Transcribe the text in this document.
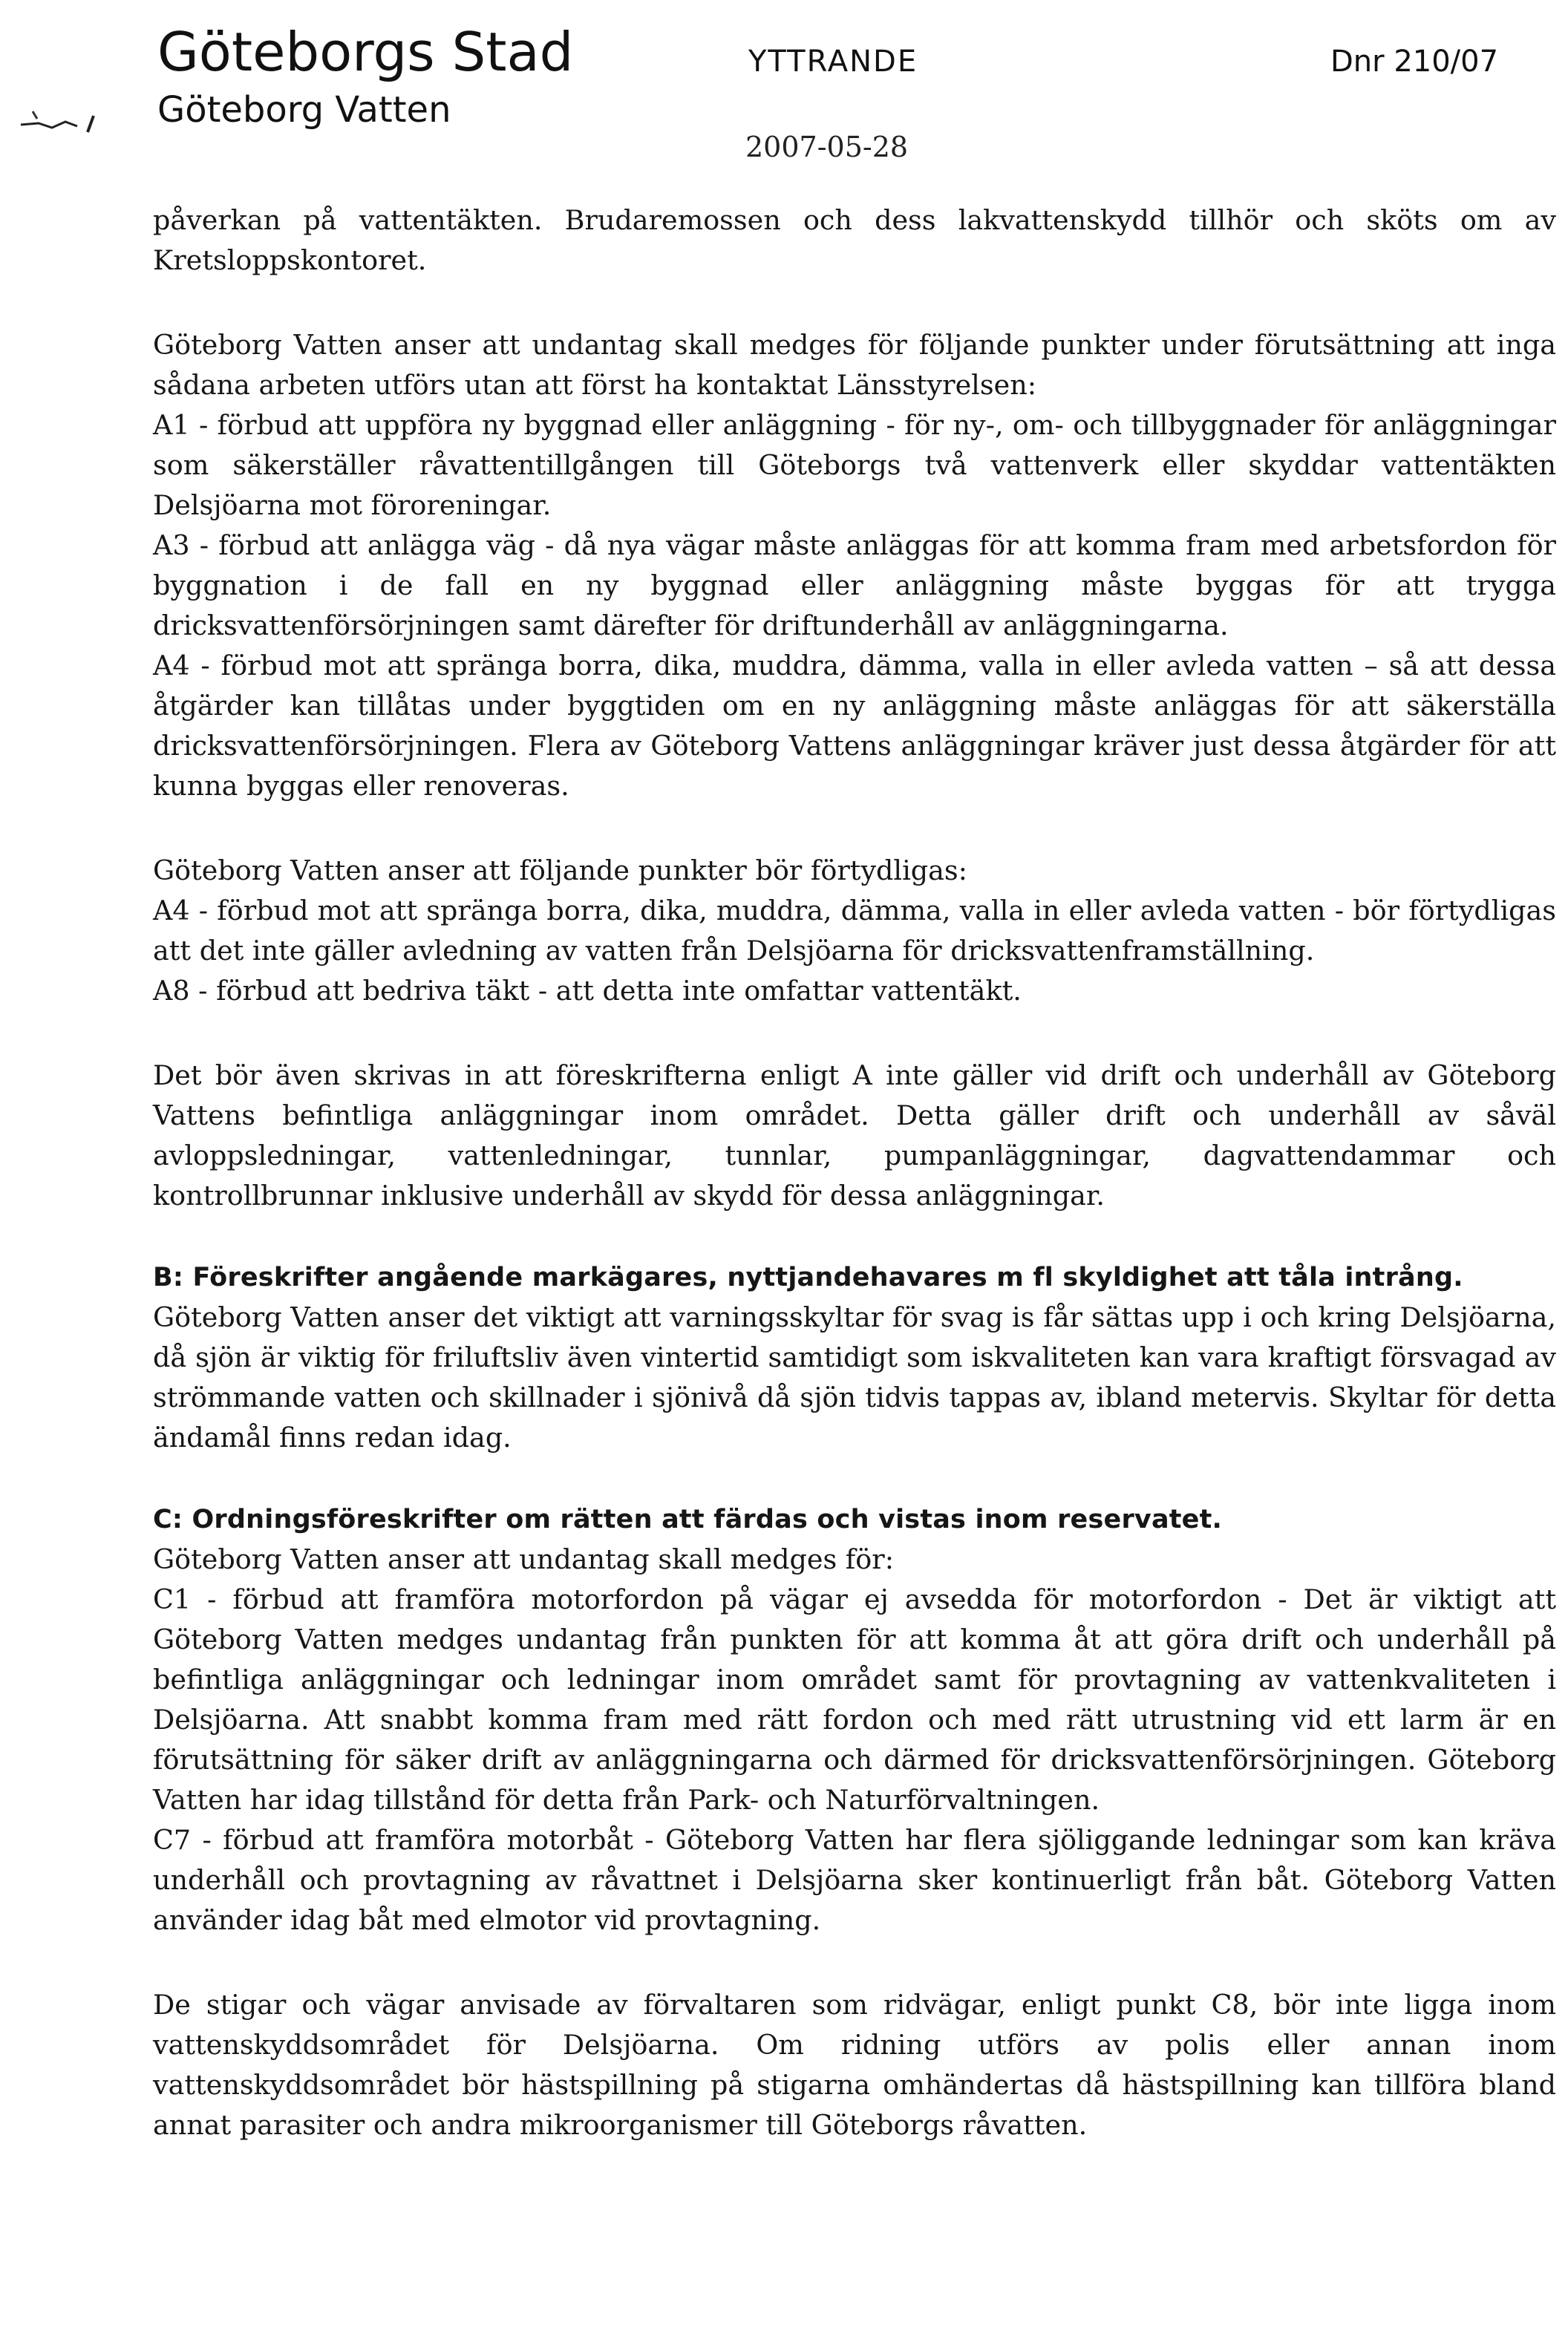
Göteborgs Stad
Göteborg Vatten
YTTRANDE	Dnr 210/07
2007-05-28

påverkan på vattentäkten. Brudaremossen och dess lakvattenskydd tillhör och sköts om av Kretsloppskontoret.

Göteborg Vatten anser att undantag skall medges för följande punkter under förutsättning att inga sådana arbeten utförs utan att först ha kontaktat Länsstyrelsen:

A1 - förbud att uppföra ny byggnad eller anläggning - för ny-, om- och tillbyggnader för anläggningar som säkerställer råvattentillgången till Göteborgs två vattenverk eller skyddar vattentäkten Delsjöarna mot föroreningar.

A3 - förbud att anlägga väg - då nya vägar måste anläggas för att komma fram med arbetsfordon för byggnation i de fall en ny byggnad eller anläggning måste byggas för att trygga dricksvattenförsörjningen samt därefter för driftunderhåll av anläggningarna.

A4 - förbud mot att spränga borra, dika, muddra, dämma, valla in eller avleda vatten – så att dessa åtgärder kan tillåtas under byggtiden om en ny anläggning måste anläggas för att säkerställa dricksvattenförsörjningen. Flera av Göteborg Vattens anläggningar kräver just dessa åtgärder för att kunna byggas eller renoveras.

Göteborg Vatten anser att följande punkter bör förtydligas:

A4 - förbud mot att spränga borra, dika, muddra, dämma, valla in eller avleda vatten - bör förtydligas att det inte gäller avledning av vatten från Delsjöarna för dricksvattenframställning.

A8 - förbud att bedriva täkt - att detta inte omfattar vattentäkt.

Det bör även skrivas in att föreskrifterna enligt A inte gäller vid drift och underhåll av Göteborg Vattens befintliga anläggningar inom området. Detta gäller drift och underhåll av såväl avloppsledningar, vattenledningar, tunnlar, pumpanläggningar, dagvattendammar och kontrollbrunnar inklusive underhåll av skydd för dessa anläggningar.

B: Föreskrifter angående markägares, nyttjandehavares m fl skyldighet att tåla intrång.

Göteborg Vatten anser det viktigt att varningsskyltar för svag is får sättas upp i och kring Delsjöarna, då sjön är viktig för friluftsliv även vintertid samtidigt som iskvaliteten kan vara kraftigt försvagad av strömmande vatten och skillnader i sjönivå då sjön tidvis tappas av, ibland metervis. Skyltar för detta ändamål finns redan idag.

C: Ordningsföreskrifter om rätten att färdas och vistas inom reservatet.

Göteborg Vatten anser att undantag skall medges för:

C1 - förbud att framföra motorfordon på vägar ej avsedda för motorfordon - Det är viktigt att Göteborg Vatten medges undantag från punkten för att komma åt att göra drift och underhåll på befintliga anläggningar och ledningar inom området samt för provtagning av vattenkvaliteten i Delsjöarna. Att snabbt komma fram med rätt fordon och med rätt utrustning vid ett larm är en förutsättning för säker drift av anläggningarna och därmed för dricksvattenförsörjningen. Göteborg Vatten har idag tillstånd för detta från Park- och Naturförvaltningen.

C7 - förbud att framföra motorbåt - Göteborg Vatten har flera sjöliggande ledningar som kan kräva underhåll och provtagning av råvattnet i Delsjöarna sker kontinuerligt från båt. Göteborg Vatten använder idag båt med elmotor vid provtagning.

De stigar och vägar anvisade av förvaltaren som ridvägar, enligt punkt C8, bör inte ligga inom vattenskyddsområdet för Delsjöarna. Om ridning utförs av polis eller annan inom vattenskyddsområdet bör hästspillning på stigarna omhändertas då hästspillning kan tillföra bland annat parasiter och andra mikroorganismer till Göteborgs råvatten.
